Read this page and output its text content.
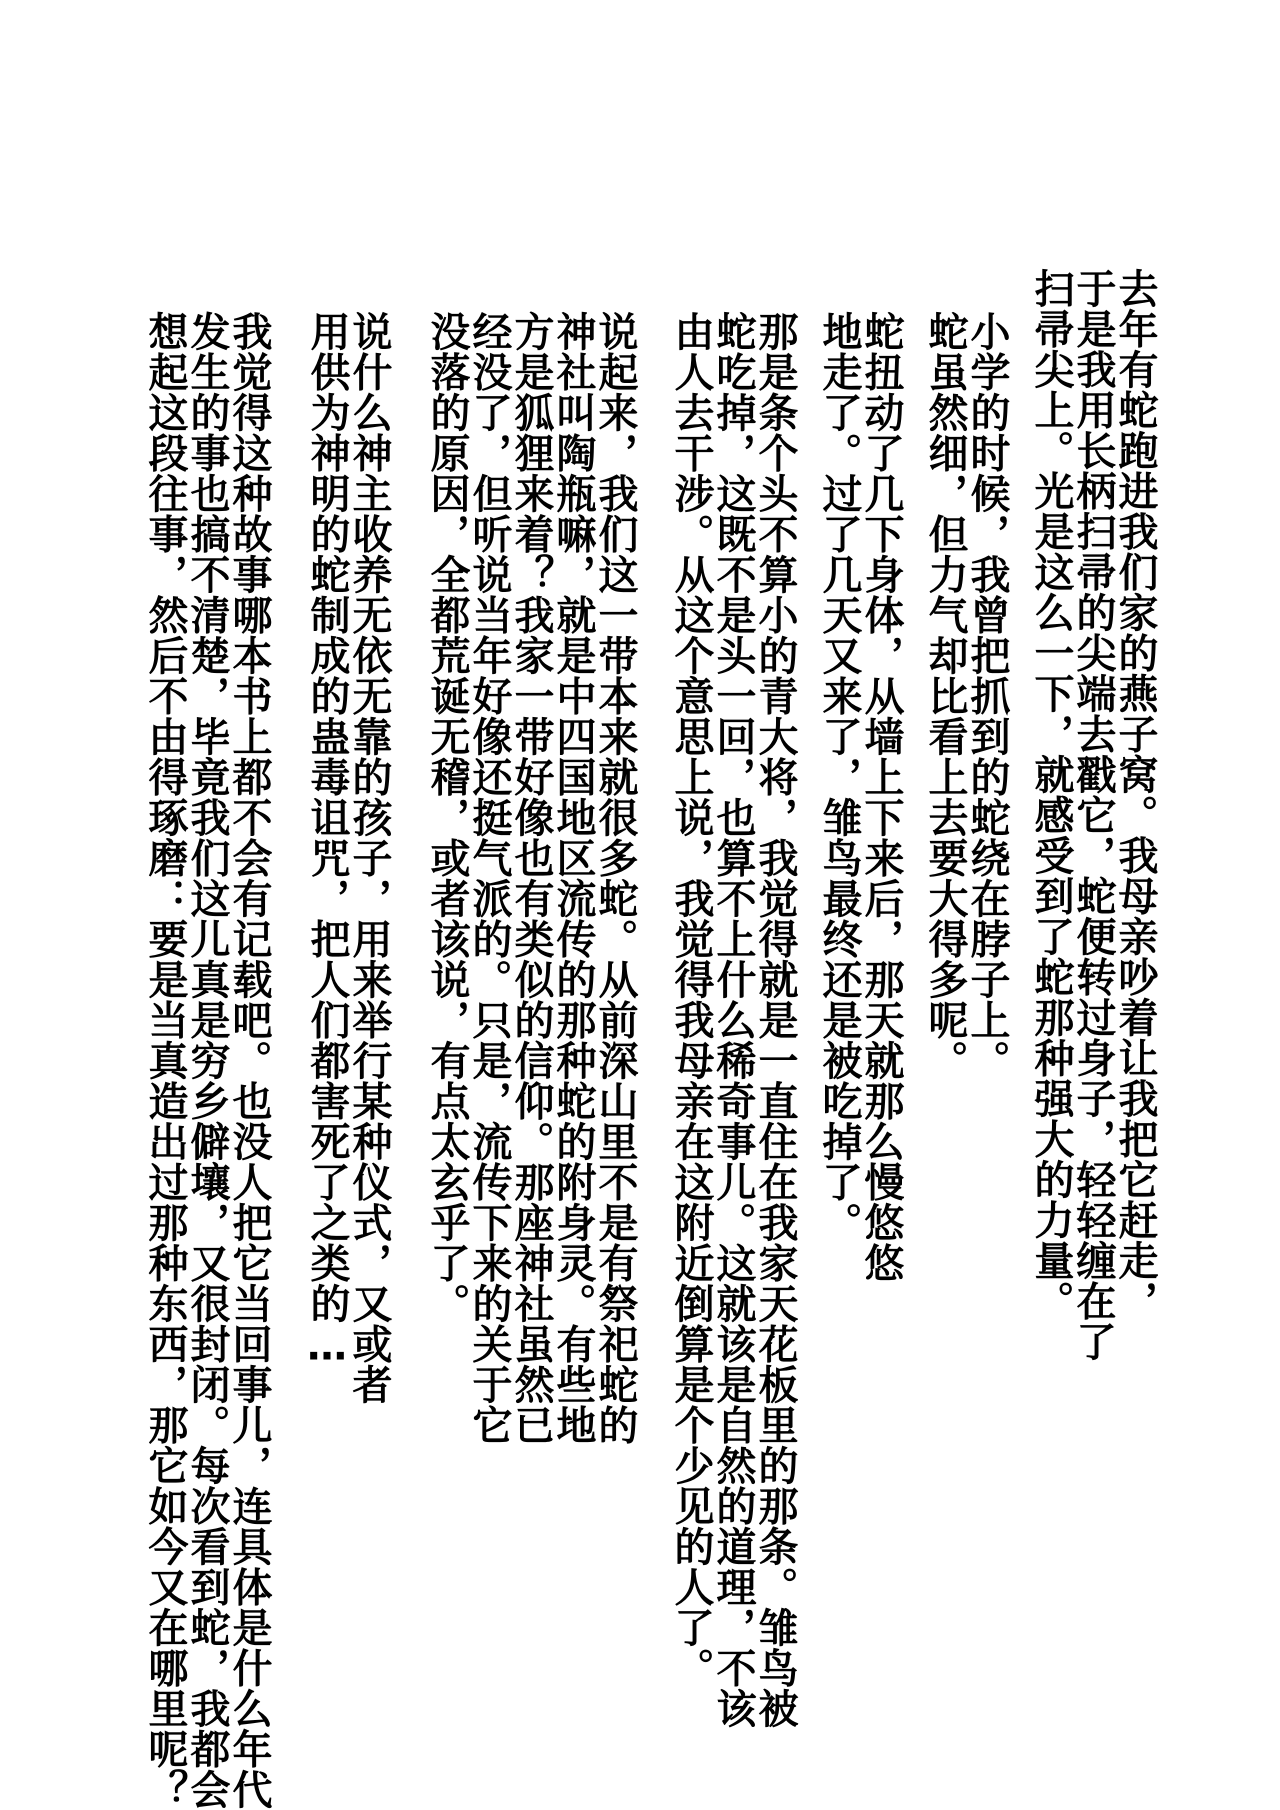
去年有蛇跑进我们家的燕子窝。我母亲吵着让我把它赶走，
于是我用长柄扫帚的尖端去戳它，蛇便转过身子，轻轻缠在了
扫帚尖上。光是这么一下，就感受到了蛇那种强大的力量。
小学的时候，我曾把抓到的蛇绕在脖子上。
蛇虽然细，但力气却比看上去要大得多呢。
蛇扭动了几下身体，从墙上下来后，那天就那么慢悠悠
地走了。过了几天又来了，雏鸟最终还是被吃掉了。
那是条个头不算小的青大将，我觉得就是一直住在我家天花板里的那条。雏鸟被
蛇吃掉，这既不是头一回，也算不上什么稀奇事儿。这就该是自然的道理，不该
由人去干涉。从这个意思上说，我觉得我母亲在这附近倒算是个少见的人了。
说起来，我们这一带本来就很多蛇。从前深山里不是有祭祀蛇的
神社叫陶瓶嘛，就是中四国地区流传的那种蛇的附身灵。有些地
方是狐狸来着？我家一带好像也有类似的信仰。那座神社虽然已
经没了，但听说当年好像还挺气派的。只是，流传下来的关于它
没落的原因，全都荒诞无稽，或者该说，有点太玄乎了。
说什么神主收养无依无靠的孩子，用来举行某种仪式，又或者
用供为神明的蛇制成的蛊毒诅咒，把人们都害死了之类的…
我觉得这种故事哪本书上都不会有记载吧。也没人把它当回事儿，连具体是什么年代
发生的事也搞不清楚，毕竟我们这儿真是穷乡僻壤，又很封闭。每次看到蛇，我都会
想起这段往事，然后不由得琢磨：要是当真造出过那种东西，那它如今又在哪里呢？
